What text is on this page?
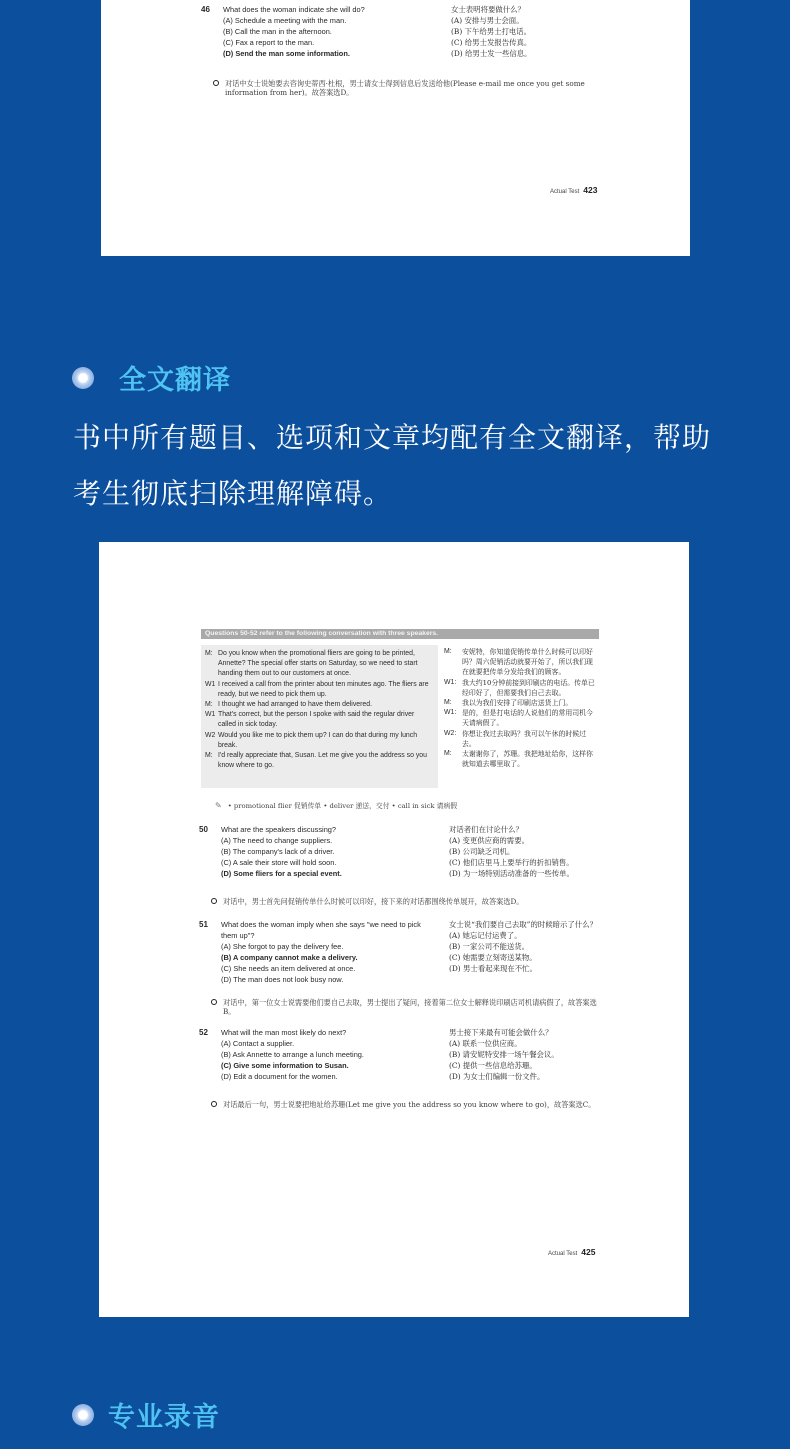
46 What does the woman indicate she will do?
(A) Schedule a meeting with the man.
(B) Call the man in the afternoon.
(C) Fax a report to the man.
(D) Send the man some information.
女士表明将要做什么？
(A) 安排与男士会面。
(B) 下午给男士打电话。
(C) 给男士发报告传真。
(D) 给男士发一些信息。
对话中女士说她要去咨询史蒂西·杜根，男士请女士得到信息后发送给他(Please e-mail me once you get some information from her)。故答案选D。
Actual Test 423
全文翻译
书中所有题目、选项和文章均配有全文翻译，帮助
考生彻底扫除理解障碍。
Questions 50-52 refer to the following conversation with three speakers.
M: Do you know when the promotional fliers are going to be printed, Annette? The special offer starts on Saturday, so we need to start handing them out to our customers at once.
W1 I received a call from the printer about ten minutes ago. The fliers are ready, but we need to pick them up.
M: I thought we had arranged to have them delivered.
W1 That's correct, but the person I spoke with said the regular driver called in sick today.
W2 Would you like me to pick them up? I can do that during my lunch break.
M: I'd really appreciate that, Susan. Let me give you the address so you know where to go.
M: 安妮特，你知道促销传单什么时候可以印好吗？周六促销活动就要开始了，所以我们现在就要把传单分发给我们的顾客。
W1: 我大约10分钟前接到印刷店的电话。传单已经印好了，但需要我们自己去取。
M: 我以为我们安排了印刷店送货上门。
W1: 是的，但是打电话的人说他们的常用司机今天请病假了。
W2: 你想让我过去取吗？我可以午休的时候过去。
M: 太谢谢你了，苏珊。我把地址给你，这样你就知道去哪里取了。
✎ • promotional flier 促销传单 • deliver 递送，交付 • call in sick 请病假
50 What are the speakers discussing?
(A) The need to change suppliers.
(B) The company's lack of a driver.
(C) A sale their store will hold soon.
(D) Some fliers for a special event.
对话者们在讨论什么？
(A) 变更供应商的需要。
(B) 公司缺乏司机。
(C) 他们店里马上要举行的折扣销售。
(D) 为一场特别活动准备的一些传单。
对话中，男士首先问促销传单什么时候可以印好，接下来的对话都围绕传单展开，故答案选D。
51 What does the woman imply when she says "we need to pick them up"?
(A) She forgot to pay the delivery fee.
(B) A company cannot make a delivery.
(C) She needs an item delivered at once.
(D) The man does not look busy now.
女士说“我们要自己去取”的时候暗示了什么？
(A) 她忘记付运费了。
(B) 一家公司不能送货。
(C) 她需要立刻寄送某物。
(D) 男士看起来现在不忙。
对话中，第一位女士说需要他们要自己去取，男士提出了疑问，接着第二位女士解释说印刷店司机请病假了，故答案选B。
52 What will the man most likely do next?
(A) Contact a supplier.
(B) Ask Annette to arrange a lunch meeting.
(C) Give some information to Susan.
(D) Edit a document for the women.
男士接下来最有可能会做什么？
(A) 联系一位供应商。
(B) 请安妮特安排一场午餐会议。
(C) 提供一些信息给苏珊。
(D) 为女士们编辑一份文件。
对话最后一句，男士说要把地址给苏珊(Let me give you the address so you know where to go)，故答案选C。
Actual Test 425
专业录音
